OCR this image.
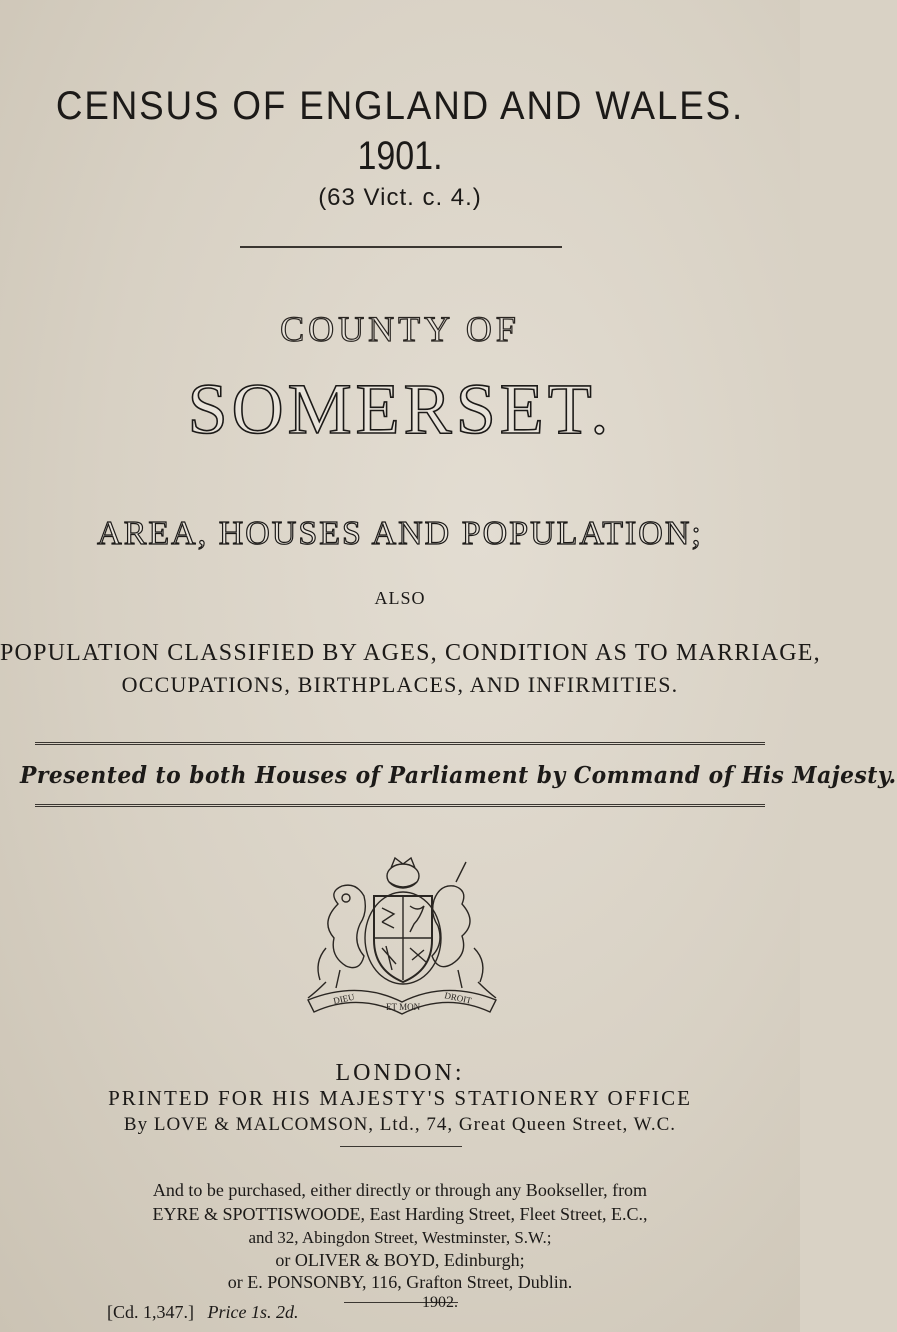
CENSUS OF ENGLAND AND WALES.
1901.
(63 Vict. c. 4.)
COUNTY OF
SOMERSET.
AREA, HOUSES AND POPULATION;
ALSO
POPULATION CLASSIFIED BY AGES, CONDITION AS TO MARRIAGE,
OCCUPATIONS, BIRTHPLACES, AND INFIRMITIES.
Presented to both Houses of Parliament by Command of His Majesty.
DIEU
ET MON
DROIT
LONDON:
PRINTED FOR HIS MAJESTY'S STATIONERY OFFICE
By LOVE & MALCOMSON, Ltd., 74, Great Queen Street, W.C.
And to be purchased, either directly or through any Bookseller, from
EYRE & SPOTTISWOODE, East Harding Street, Fleet Street, E.C.,
and 32, Abingdon Street, Westminster, S.W.;
or OLIVER & BOYD, Edinburgh;
or E. PONSONBY, 116, Grafton Street, Dublin.
[Cd. 1,347.] Price 1s. 2d.	1902.
